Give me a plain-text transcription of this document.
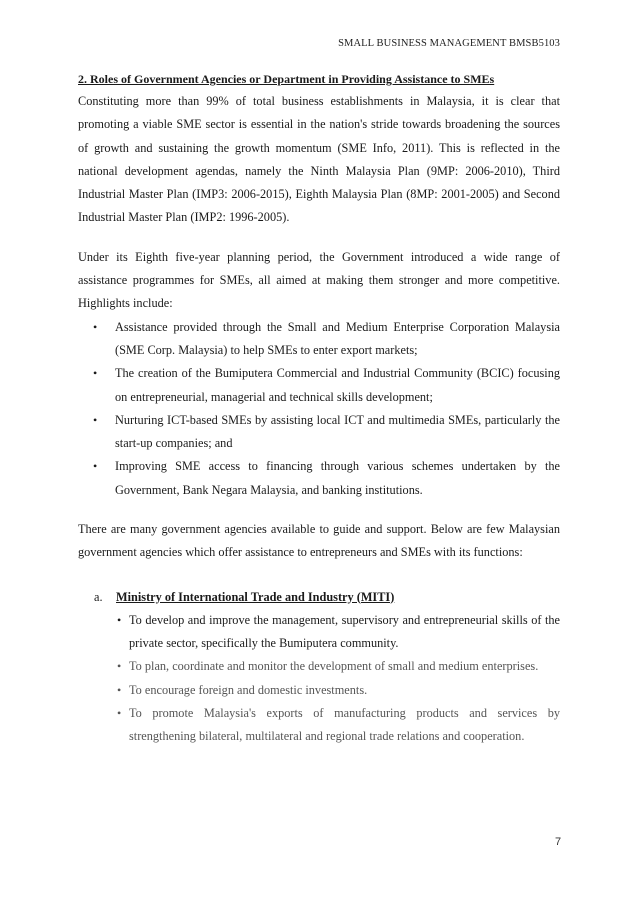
SMALL BUSINESS MANAGEMENT BMSB5103

2. Roles of Government Agencies or Department in Providing Assistance to SMEs

Constituting more than 99% of total business establishments in Malaysia, it is clear that promoting a viable SME sector is essential in the nation's stride towards broadening the sources of growth and sustaining the growth momentum (SME Info, 2011). This is reflected in the national development agendas, namely the Ninth Malaysia Plan (9MP: 2006-2010), Third Industrial Master Plan (IMP3: 2006-2015), Eighth Malaysia Plan (8MP: 2001-2005) and Second Industrial Master Plan (IMP2: 1996-2005).

Under its Eighth five-year planning period, the Government introduced a wide range of assistance programmes for SMEs, all aimed at making them stronger and more competitive. Highlights include:

• Assistance provided through the Small and Medium Enterprise Corporation Malaysia (SME Corp. Malaysia) to help SMEs to enter export markets;
• The creation of the Bumiputera Commercial and Industrial Community (BCIC) focusing on entrepreneurial, managerial and technical skills development;
• Nurturing ICT-based SMEs by assisting local ICT and multimedia SMEs, particularly the start-up companies; and
• Improving SME access to financing through various schemes undertaken by the Government, Bank Negara Malaysia, and banking institutions.

There are many government agencies available to guide and support. Below are few Malaysian government agencies which offer assistance to entrepreneurs and SMEs with its functions:

a. Ministry of International Trade and Industry (MITI)
• To develop and improve the management, supervisory and entrepreneurial skills of the private sector, specifically the Bumiputera community.
• To plan, coordinate and monitor the development of small and medium enterprises.
• To encourage foreign and domestic investments.
• To promote Malaysia's exports of manufacturing products and services by strengthening bilateral, multilateral and regional trade relations and cooperation.
7
